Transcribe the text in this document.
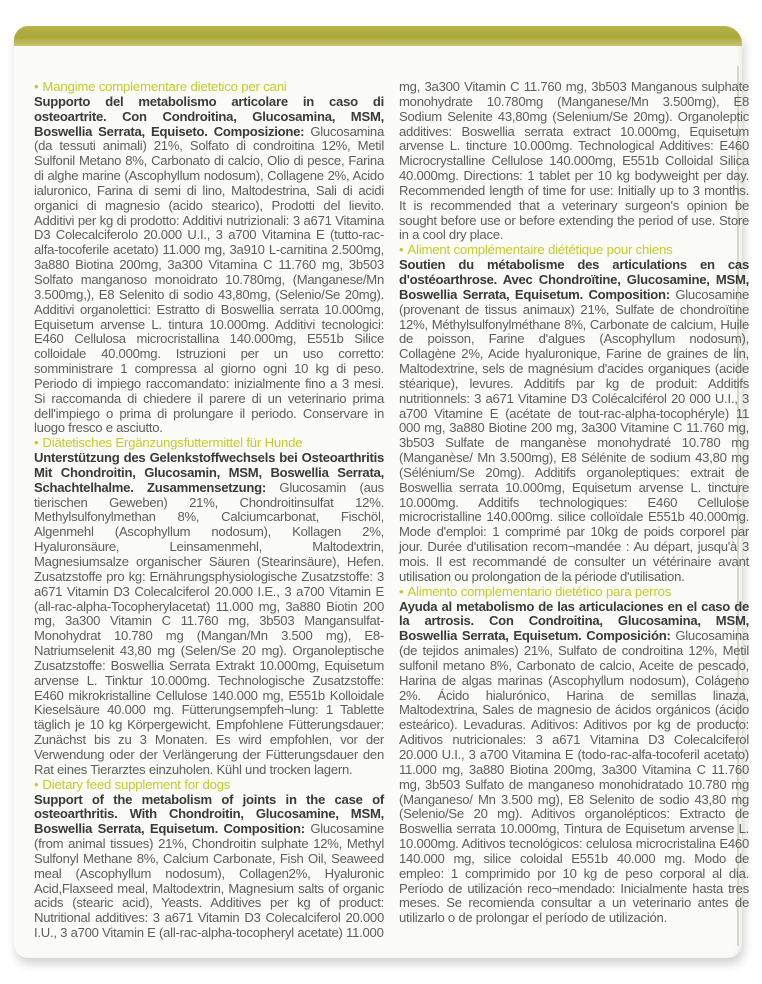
• Mangime complementare dietetico per cani

Supporto del metabolismo articolare in caso di osteoartrite. Con Condroitina, Glucosamina, MSM, Boswellia Serrata, Equiseto. Composizione: Glucosamina (da tessuti animali) 21%, Solfato di condroitina 12%, Metil Sulfonil Metano 8%, Carbonato di calcio, Olio di pesce, Farina di alghe marine (Ascophyllum nodosum), Collagene 2%, Acido ialuronico, Farina di semi di lino, Maltodestrina, Sali di acidi organici di magnesio (acido stearico), Prodotti del lievito. Additivi per kg di prodotto: Additivi nutrizionali: 3 a671 Vitamina D3 Colecalciferolo 20.000 U.I., 3 a700 Vitamina E (tutto-rac-alfa-tocoferile acetato) 11.000 mg, 3a910 L-carnitina 2.500mg, 3a880 Biotina 200mg, 3a300 Vitamina C 11.760 mg, 3b503 Solfato manganoso monoidrato 10.780mg, (Manganese/Mn 3.500mg,), E8 Selenito di sodio 43,80mg, (Selenio/Se 20mg). Additivi organolettici: Estratto di Boswellia serrata 10.000mg, Equisetum arvense L. tintura 10.000mg. Additivi tecnologici: E460 Cellulosa microcristallina 140.000mg, E551b Silice colloidale 40.000mg. Istruzioni per un uso corretto: somministrare 1 compressa al giorno ogni 10 kg di peso. Periodo di impiego raccomandato: inizialmente fino a 3 mesi. Si raccomanda di chiedere il parere di un veterinario prima dell'impiego o prima di prolungare il periodo. Conservare in luogo fresco e asciutto.

• Diätetisches Ergänzungsfuttermittel für Hunde

Unterstützung des Gelenkstoffwechsels bei Osteoarthritis Mit Chondroitin, Glucosamin, MSM, Boswellia Serrata, Schachtelhalme. Zusammensetzung: Glucosamin (aus tierischen Geweben) 21%, Chondroitinsulfat 12%. Methylsulfonylmethan 8%, Calciumcarbonat, Fischöl, Algenmehl (Ascophyllum nodosum), Kollagen 2%, Hyaluronsäure, Leinsamenmehl, Maltodextrin, Magnesiumsalze organischer Säuren (Stearinsäure), Hefen. Zusatzstoffe pro kg: Ernährungsphysiologische Zusatzstoffe: 3 a671 Vitamin D3 Colecalciferol 20.000 I.E., 3 a700 Vitamin E (all-rac-alpha-Tocopherylacetat) 11.000 mg, 3a880 Biotin 200 mg, 3a300 Vitamin C 11.760 mg, 3b503 Mangansulfat- Monohydrat 10.780 mg (Mangan/Mn 3.500 mg), E8-Natriumselenit 43,80 mg (Selen/Se 20 mg). Organoleptische Zusatzstoffe: Boswellia Serrata Extrakt 10.000mg, Equisetum arvense L. Tinktur 10.000mg. Technologische Zusatzstoffe: E460 mikrokristalline Cellulose 140.000 mg, E551b Kolloidale Kieselsäure 40.000 mg. Fütterungsempfeh¬lung: 1 Tablette täglich je 10 kg Körpergewicht. Empfohlene Fütterungsdauer: Zunächst bis zu 3 Monaten. Es wird empfohlen, vor der Verwendung oder der Verlängerung der Fütterungsdauer den Rat eines Tierarztes einzuholen. Kühl und trocken lagern.

• Dietary feed supplement for dogs

Support of the metabolism of joints in the case of osteoarthritis. With Chondroitin, Glucosamine, MSM, Boswellia Serrata, Equisetum. Composition: Glucosamine (from animal tissues) 21%, Chondroitin sulphate 12%, Methyl Sulfonyl Methane 8%, Calcium Carbonate, Fish Oil, Seaweed meal (Ascophyllum nodosum), Collagen2%, Hyaluronic Acid,Flaxseed meal, Maltodextrin, Magnesium salts of organic acids (stearic acid), Yeasts. Additives per kg of product: Nutritional additives: 3 a671 Vitamin D3 Colecalciferol 20.000 I.U., 3 a700 Vitamin E (all-rac-alpha-tocopheryl acetate) 11.000

mg, 3a300 Vitamin C 11.760 mg, 3b503 Manganous sulphate monohydrate 10.780mg (Manganese/Mn 3.500mg), E8 Sodium Selenite 43,80mg (Selenium/Se 20mg). Organoleptic additives: Boswellia serrata extract 10.000mg, Equisetum arvense L. tincture 10.000mg. Technological Additives: E460 Microcrystalline Cellulose 140.000mg, E551b Colloidal Silica 40.000mg. Directions: 1 tablet per 10 kg bodyweight per day. Recommended length of time for use: Initially up to 3 months. It is recommended that a veterinary surgeon's opinion be sought before use or before extending the period of use. Store in a cool dry place.

• Aliment complémentaire diététique pour chiens

Soutien du métabolisme des articulations en cas d'ostéoarthrose. Avec Chondroïtine, Glucosamine, MSM, Boswellia Serrata, Equisetum. Composition: Glucosamine (provenant de tissus animaux) 21%, Sulfate de chondroïtine 12%, Méthylsulfonylméthane 8%, Carbonate de calcium, Huile de poisson, Farine d'algues (Ascophyllum nodosum), Collagène 2%, Acide hyaluronique, Farine de graines de lin, Maltodextrine, sels de magnésium d'acides organiques (acide stéarique), levures. Additifs par kg de produit: Additifs nutritionnels: 3 a671 Vitamine D3 Colécalciférol 20 000 U.I., 3 a700 Vitamine E (acétate de tout-rac-alpha-tocophéryle) 11 000 mg, 3a880 Biotine 200 mg, 3a300 Vitamine C 11.760 mg, 3b503 Sulfate de manganèse monohydraté 10.780 mg (Manganèse/ Mn 3.500mg), E8 Sélénite de sodium 43,80 mg (Sélénium/Se 20mg). Additifs organoleptiques: extrait de Boswellia serrata 10.000mg, Equisetum arvense L. tincture 10.000mg. Additifs technologiques: E460 Cellulose microcristalline 140.000mg. silice colloïdale E551b 40.000mg. Mode d'emploi: 1 comprimé par 10kg de poids corporel par jour. Durée d'utilisation recom¬mandée : Au départ, jusqu'à 3 mois. Il est recommandé de consulter un vétérinaire avant utilisation ou prolongation de la période d'utilisation.

• Alimento complementario dietético para perros

Ayuda al metabolismo de las articulaciones en el caso de la artrosis. Con Condroitina, Glucosamina, MSM, Boswellia Serrata, Equisetum. Composición: Glucosamina (de tejidos animales) 21%, Sulfato de condroitina 12%, Metil sulfonil metano 8%, Carbonato de calcio, Aceite de pescado, Harina de algas marinas (Ascophyllum nodosum), Colágeno 2%. Ácido hialurónico, Harina de semillas linaza, Maltodextrina, Sales de magnesio de ácidos orgánicos (ácido esteárico). Levaduras. Aditivos: Aditivos por kg de producto: Aditivos nutricionales: 3 a671 Vitamina D3 Colecalciferol 20.000 U.I., 3 a700 Vitamina E (todo-rac-alfa-tocoferil acetato) 11.000 mg, 3a880 Biotina 200mg, 3a300 Vitamina C 11.760 mg, 3b503 Sulfato de manganeso monohidratado 10.780 mg (Manganeso/ Mn 3.500 mg), E8 Selenito de sodio 43,80 mg (Selenio/Se 20 mg). Aditivos organolépticos: Extracto de Boswellia serrata 10.000mg, Tintura de Equisetum arvense L. 10.000mg. Aditivos tecnológicos: celulosa microcristalina E460 140.000 mg, silice coloidal E551b 40.000 mg. Modo de empleo: 1 comprimido por 10 kg de peso corporal al dia. Período de utilización reco¬mendado: Inicialmente hasta tres meses. Se recomienda consultar a un veterinario antes de utilizarlo o de prolongar el período de utilización.
